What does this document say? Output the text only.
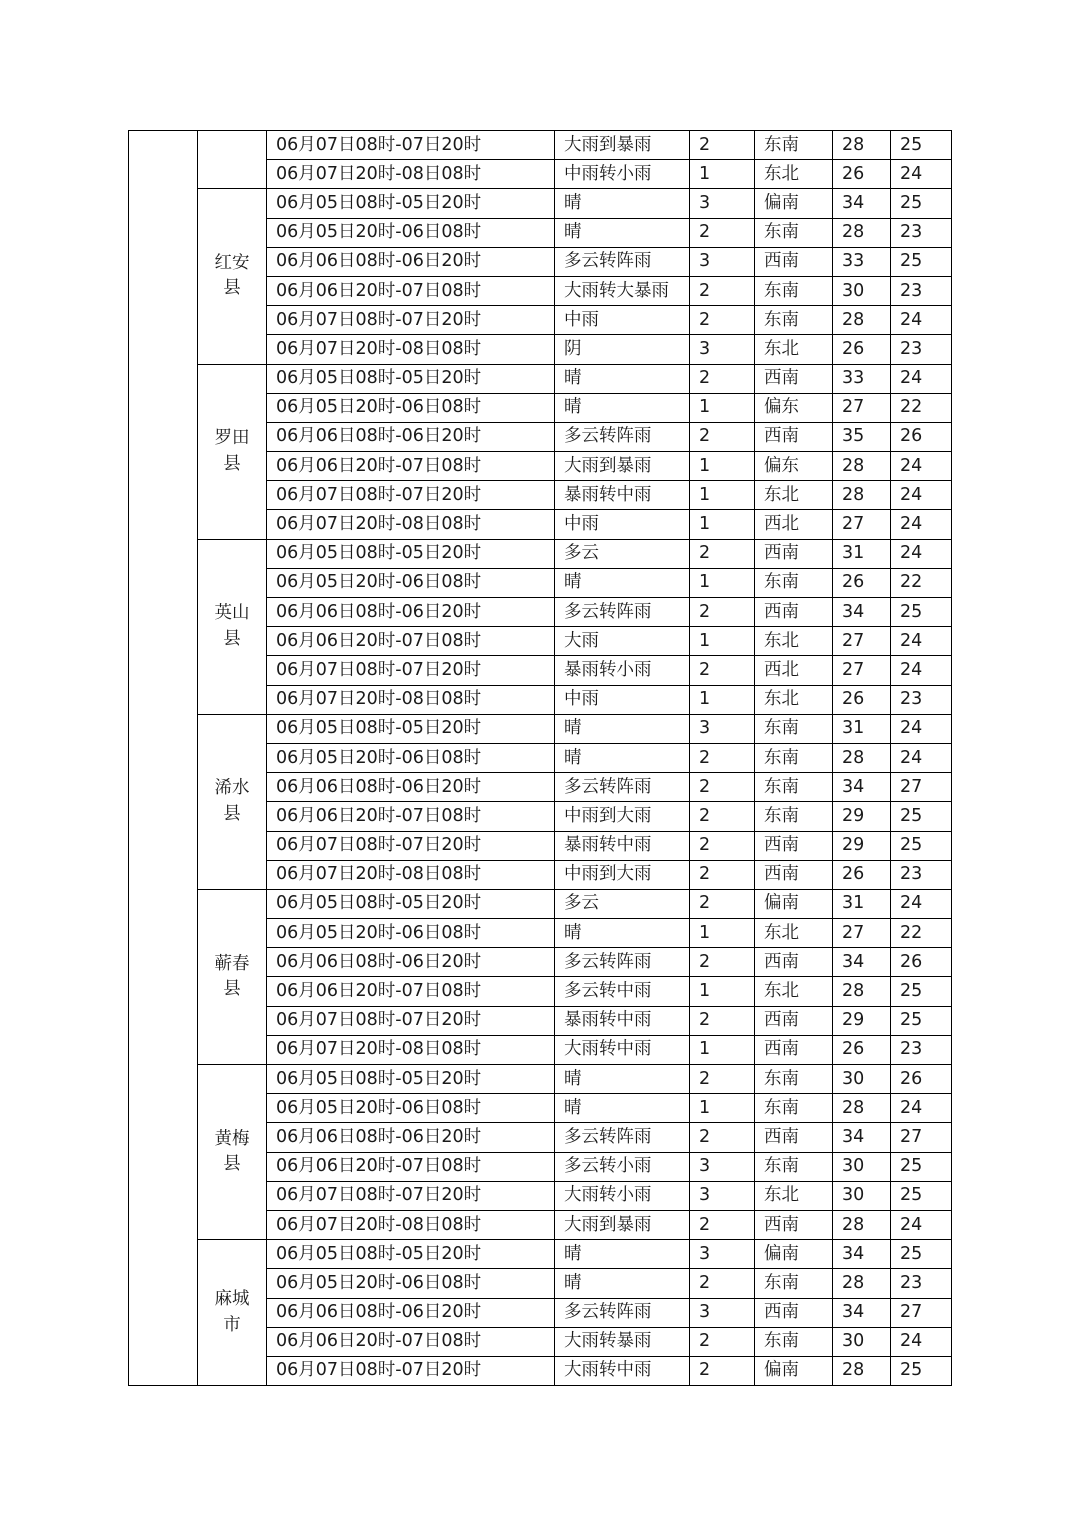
		06月07日08时-07日20时	大雨到暴雨	2	东南	28	25
		06月07日20时-08日08时	中雨转小雨	1	东北	26	24
	红安县	06月05日08时-05日20时	晴	3	偏南	34	25
		06月05日20时-06日08时	晴	2	东南	28	23
		06月06日08时-06日20时	多云转阵雨	3	西南	33	25
		06月06日20时-07日08时	大雨转大暴雨	2	东南	30	23
		06月07日08时-07日20时	中雨	2	东南	28	24
		06月07日20时-08日08时	阴	3	东北	26	23
	罗田县	06月05日08时-05日20时	晴	2	西南	33	24
		06月05日20时-06日08时	晴	1	偏东	27	22
		06月06日08时-06日20时	多云转阵雨	2	西南	35	26
		06月06日20时-07日08时	大雨到暴雨	1	偏东	28	24
		06月07日08时-07日20时	暴雨转中雨	1	东北	28	24
		06月07日20时-08日08时	中雨	1	西北	27	24
	英山县	06月05日08时-05日20时	多云	2	西南	31	24
		06月05日20时-06日08时	晴	1	东南	26	22
		06月06日08时-06日20时	多云转阵雨	2	西南	34	25
		06月06日20时-07日08时	大雨	1	东北	27	24
		06月07日08时-07日20时	暴雨转小雨	2	西北	27	24
		06月07日20时-08日08时	中雨	1	东北	26	23
	浠水县	06月05日08时-05日20时	晴	3	东南	31	24
		06月05日20时-06日08时	晴	2	东南	28	24
		06月06日08时-06日20时	多云转阵雨	2	东南	34	27
		06月06日20时-07日08时	中雨到大雨	2	东南	29	25
		06月07日08时-07日20时	暴雨转中雨	2	西南	29	25
		06月07日20时-08日08时	中雨到大雨	2	西南	26	23
	蕲春县	06月05日08时-05日20时	多云	2	偏南	31	24
		06月05日20时-06日08时	晴	1	东北	27	22
		06月06日08时-06日20时	多云转阵雨	2	西南	34	26
		06月06日20时-07日08时	多云转中雨	1	东北	28	25
		06月07日08时-07日20时	暴雨转中雨	2	西南	29	25
		06月07日20时-08日08时	大雨转中雨	1	西南	26	23
	黄梅县	06月05日08时-05日20时	晴	2	东南	30	26
		06月05日20时-06日08时	晴	1	东南	28	24
		06月06日08时-06日20时	多云转阵雨	2	西南	34	27
		06月06日20时-07日08时	多云转小雨	3	东南	30	25
		06月07日08时-07日20时	大雨转小雨	3	东北	30	25
		06月07日20时-08日08时	大雨到暴雨	2	西南	28	24
	麻城市	06月05日08时-05日20时	晴	3	偏南	34	25
		06月05日20时-06日08时	晴	2	东南	28	23
		06月06日08时-06日20时	多云转阵雨	3	西南	34	27
		06月06日20时-07日08时	大雨转暴雨	2	东南	30	24
		06月07日08时-07日20时	大雨转中雨	2	偏南	28	25
